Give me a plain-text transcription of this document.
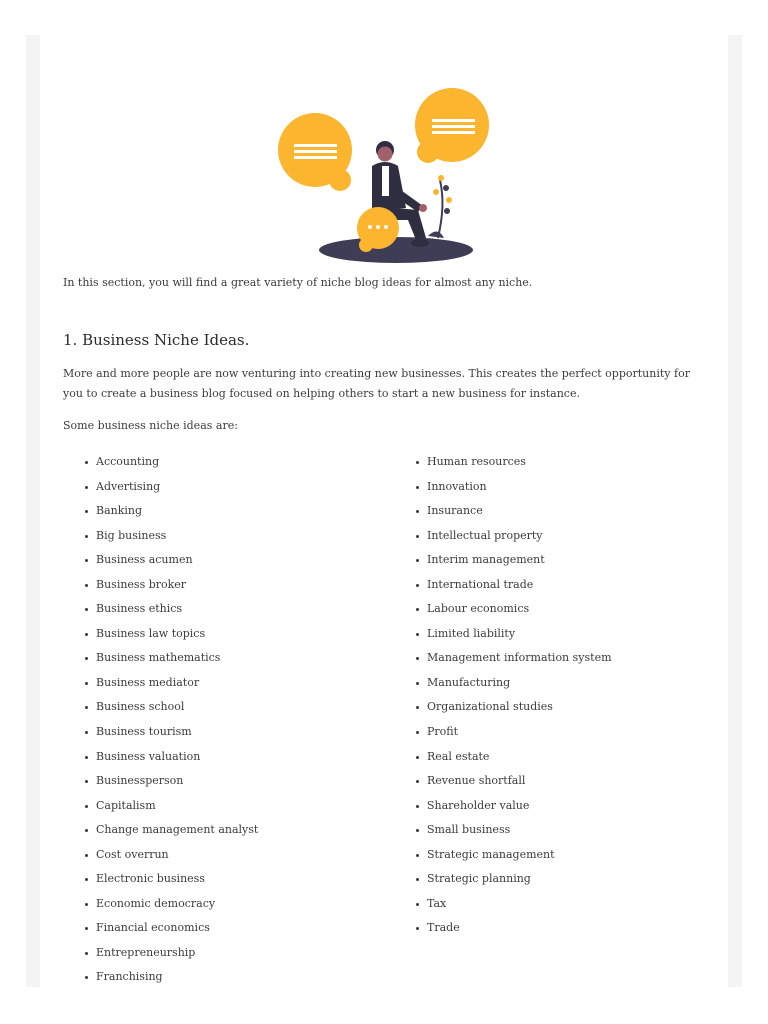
In this section, you will find a great variety of niche blog ideas for almost any niche.

1. Business Niche Ideas.

More and more people are now venturing into creating new businesses. This creates the perfect opportunity for you to create a business blog focused on helping others to start a new business for instance.

Some business niche ideas are:

Accounting
Advertising
Banking
Big business
Business acumen
Business broker
Business ethics
Business law topics
Business mathematics
Business mediator
Business school
Business tourism
Business valuation
Businessperson
Capitalism
Change management analyst
Cost overrun
Electronic business
Economic democracy
Financial economics
Entrepreneurship
Franchising
Human resources
Innovation
Insurance
Intellectual property
Interim management
International trade
Labour economics
Limited liability
Management information system
Manufacturing
Organizational studies
Profit
Real estate
Revenue shortfall
Shareholder value
Small business
Strategic management
Strategic planning
Tax
Trade
